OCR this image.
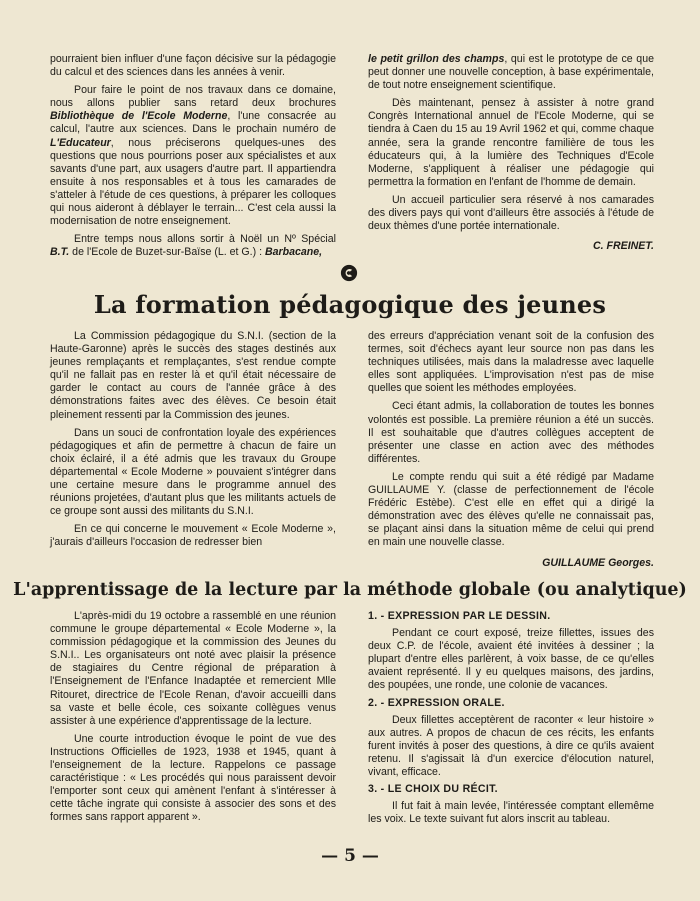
pourraient bien influer d'une façon décisive sur la pédagogie du calcul et des sciences dans les années à venir.

Pour faire le point de nos travaux dans ce domaine, nous allons publier sans retard deux brochures Bibliothèque de l'Ecole Moderne, l'une consacrée au calcul, l'autre aux sciences. Dans le prochain numéro de L'Educateur, nous préciserons quelques-unes des questions que nous pourrions poser aux spécialistes et aux savants d'une part, aux usagers d'autre part. Il appartiendra ensuite à nos responsables et à tous les camarades de s'atteler à l'étude de ces questions, à préparer les colloques qui nous aideront à déblayer le terrain... C'est cela aussi la modernisation de notre enseignement.

Entre temps nous allons sortir à Noël un Nº Spécial B.T. de l'Ecole de Buzet-sur-Baïse (L. et G.) : Barbacane,

le petit grillon des champs, qui est le prototype de ce que peut donner une nouvelle conception, à base expérimentale, de tout notre enseignement scientifique.

Dès maintenant, pensez à assister à notre grand Congrès International annuel de l'Ecole Moderne, qui se tiendra à Caen du 15 au 19 Avril 1962 et qui, comme chaque année, sera la grande rencontre familière de tous les éducateurs qui, à la lumière des Techniques d'Ecole Moderne, s'appliquent à réaliser une pédagogie qui permettra la formation en l'enfant de l'homme de demain.

Un accueil particulier sera réservé à nos camarades des divers pays qui vont d'ailleurs être associés à l'étude de deux thèmes d'une portée internationale.

C. FREINET.

La formation pédagogique des jeunes

La Commission pédagogique du S.N.I. (section de la Haute-Garonne) après le succès des stages destinés aux jeunes remplaçants et remplaçantes, s'est rendue compte qu'il ne fallait pas en rester là et qu'il était nécessaire de garder le contact au cours de l'année grâce à des démonstrations faites avec des élèves. Ce besoin était pleinement ressenti par la Commission des jeunes.

Dans un souci de confrontation loyale des expériences pédagogiques et afin de permettre à chacun de faire un choix éclairé, il a été admis que les travaux du Groupe départemental « Ecole Moderne » pouvaient s'intégrer dans une certaine mesure dans le programme annuel des réunions projetées, d'autant plus que les militants actuels de ce groupe sont aussi des militants du S.N.I.

En ce qui concerne le mouvement « Ecole Moderne », j'aurais d'ailleurs l'occasion de redresser bien

des erreurs d'appréciation venant soit de la confusion des termes, soit d'échecs ayant leur source non pas dans les techniques utilisées, mais dans la maladresse avec laquelle elles sont appliquées. L'improvisation n'est pas de mise quelles que soient les méthodes employées.

Ceci étant admis, la collaboration de toutes les bonnes volontés est possible. La première réunion a été un succès. Il est souhaitable que d'autres collègues acceptent de présenter une classe en action avec des méthodes différentes.

Le compte rendu qui suit a été rédigé par Madame GUILLAUME Y. (classe de perfectionnement de l'école Frédéric Estèbe). C'est elle en effet qui a dirigé la démonstration avec des élèves qu'elle ne connaissait pas, se plaçant ainsi dans la situation même de celui qui prend en main une nouvelle classe.

GUILLAUME Georges.

L'apprentissage de la lecture par la méthode globale (ou analytique)

L'après-midi du 19 octobre a rassemblé en une réunion commune le groupe départemental « Ecole Moderne », la commission pédagogique et la commission des Jeunes du S.N.I.. Les organisateurs ont noté avec plaisir la présence de stagiaires du Centre régional de préparation à l'Enseignement de l'Enfance Inadaptée et remercient Mlle Ritouret, directrice de l'Ecole Renan, d'avoir accueilli dans sa vaste et belle école, ces soixante collègues venus assister à une expérience d'apprentissage de la lecture.

Une courte introduction évoque le point de vue des Instructions Officielles de 1923, 1938 et 1945, quant à l'enseignement de la lecture. Rappelons ce passage caractéristique : « Les procédés qui nous paraissent devoir l'emporter sont ceux qui amènent l'enfant à s'intéresser à cette tâche ingrate qui consiste à associer des sons et des formes sans rapport apparent ».

1. - EXPRESSION PAR LE DESSIN.

Pendant ce court exposé, treize fillettes, issues des deux C.P. de l'école, avaient été invitées à dessiner ; la plupart d'entre elles parlèrent, à voix basse, de ce qu'elles avaient représenté. Il y eu quelques maisons, des jardins, des poupées, une ronde, une colonie de vacances.

2. - EXPRESSION ORALE.

Deux fillettes acceptèrent de raconter « leur histoire » aux autres. A propos de chacun de ces récits, les enfants furent invités à poser des questions, à dire ce qu'ils avaient retenu. Il s'agissait là d'un exercice d'élocution naturel, vivant, efficace.

3. - LE CHOIX DU RÉCIT.

Il fut fait à main levée, l'intéressée comptant ellemême les voix. Le texte suivant fut alors inscrit au tableau.

— 5 —
